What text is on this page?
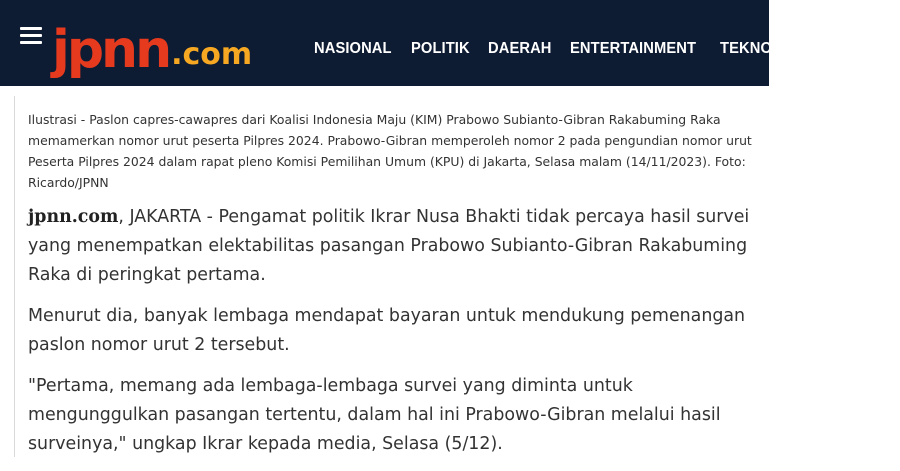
jpnn .com	NASIONAL POLITIK DAERAH ENTERTAINMENT TEKNOLOGI OLAHR
Ilustrasi - Paslon capres-cawapres dari Koalisi Indonesia Maju (KIM) Prabowo Subianto-Gibran Rakabuming Raka memamerkan nomor urut peserta Pilpres 2024. Prabowo-Gibran memperoleh nomor 2 pada pengundian nomor urut Peserta Pilpres 2024 dalam rapat pleno Komisi Pemilihan Umum (KPU) di Jakarta, Selasa malam (14/11/2023). Foto: Ricardo/JPNN

jpnn.com, JAKARTA - Pengamat politik Ikrar Nusa Bhakti tidak percaya hasil survei yang menempatkan elektabilitas pasangan Prabowo Subianto-Gibran Rakabuming Raka di peringkat pertama.

Menurut dia, banyak lembaga mendapat bayaran untuk mendukung pemenangan paslon nomor urut 2 tersebut.

"Pertama, memang ada lembaga-lembaga survei yang diminta untuk mengunggulkan pasangan tertentu, dalam hal ini Prabowo-Gibran melalui hasil surveinya," ungkap Ikrar kepada media, Selasa (5/12).
